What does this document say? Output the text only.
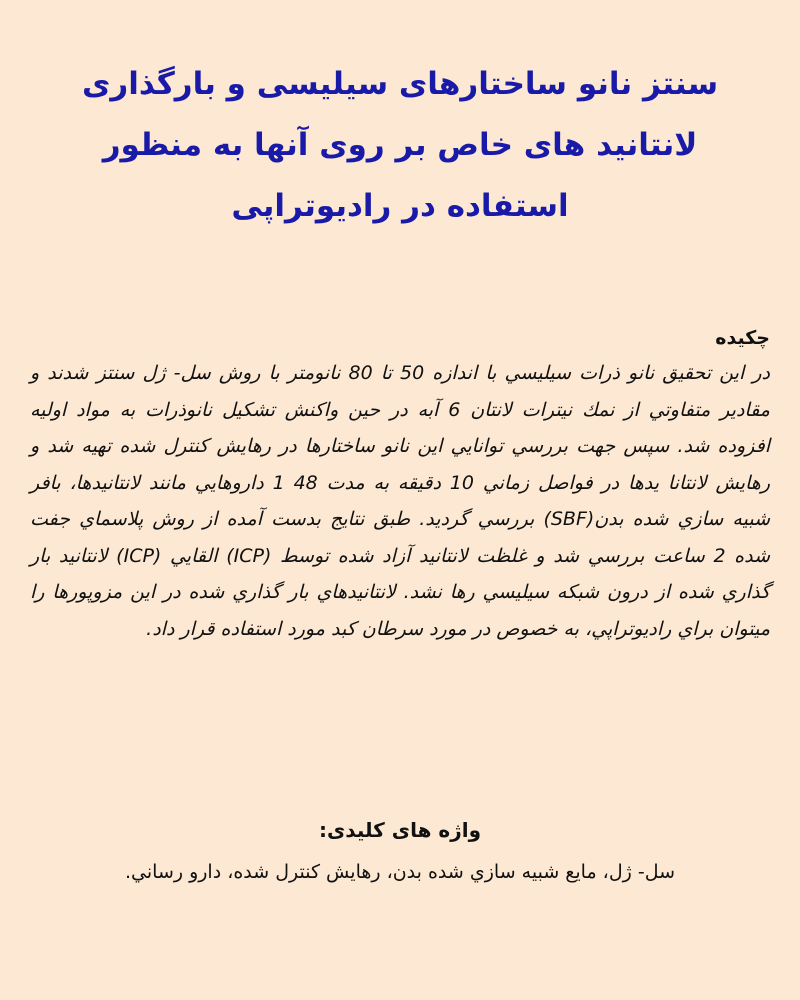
سنتز نانو ساختارهای سیلیسی و بارگذاری
لانتانید های خاص بر روی آنها به منظور
استفاده در رادیوتراپی
چکیده

در اين تحقيق نانو ذرات سيليسي با اندازه 50 تا 80 نانومتر با روش سل- ژل سنتز شدند و مقادير متفاوتي از نمك نيترات لانتان 6 آبه در حين واكنش تشكيل نانوذرات به مواد اوليه افزوده شد. سپس جهت بررسي توانايي اين نانو ساختارها در رهايش كنترل شده تهيه شد و رهايش لانتانا يدها در فواصل زماني 10 دقيقه به مدت 48 1 داروهايي مانند لانتانيدها، بافر شبيه سازي شده بدن(SBF) بررسي گرديد. طبق نتايج بدست آمده از روش پلاسماي جفت شده 2 ساعت بررسي شد و غلظت لانتانيد آزاد شده توسط (ICP) القايي (ICP) لانتانيد بار گذاري شده از درون شبكه سيليسي رها نشد. لانتانيدهاي بار گذاري شده در اين مزوپورها را ميتوان براي راديوتراپي، به خصوص در مورد سرطان كبد مورد استفاده قرار داد.

واژه های کلیدی:

سل- ژل، مايع شبيه سازي شده بدن، رهايش كنترل شده، دارو رساني.
